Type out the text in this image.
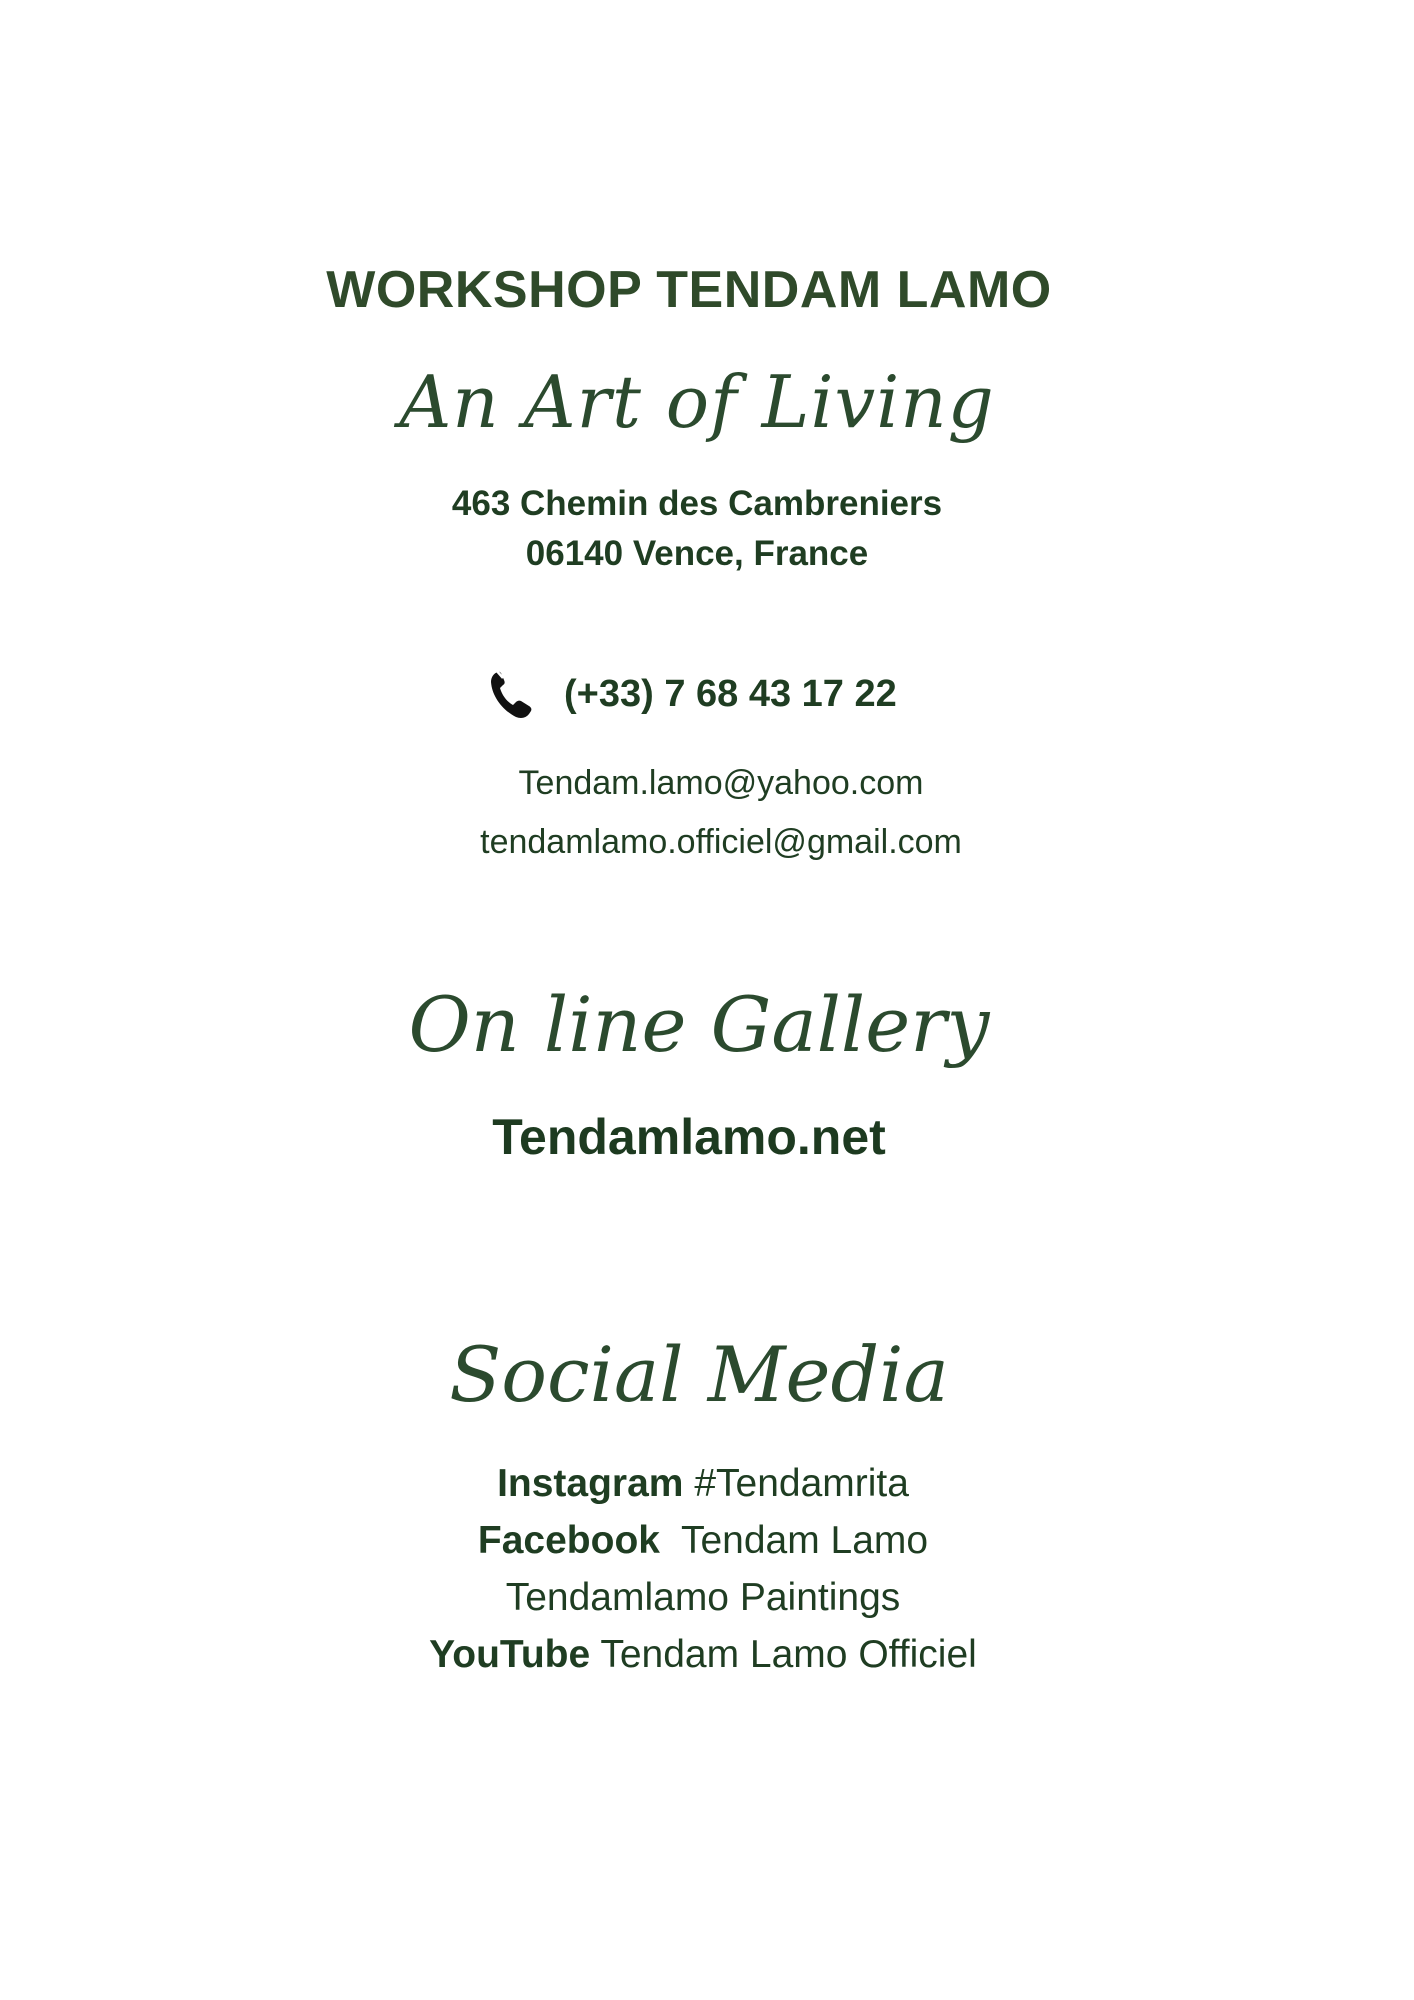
WORKSHOP TENDAM LAMO
An Art of Living
463 Chemin des Cambreniers
06140 Vence, France
(+33) 7 68 43 17 22
Tendam.lamo@yahoo.com
tendamlamo.officiel@gmail.com
On line Gallery
Tendamlamo.net
Social Media
Instagram #Tendamrita
Facebook Tendam Lamo
Tendamlamo Paintings
YouTube Tendam Lamo Officiel
